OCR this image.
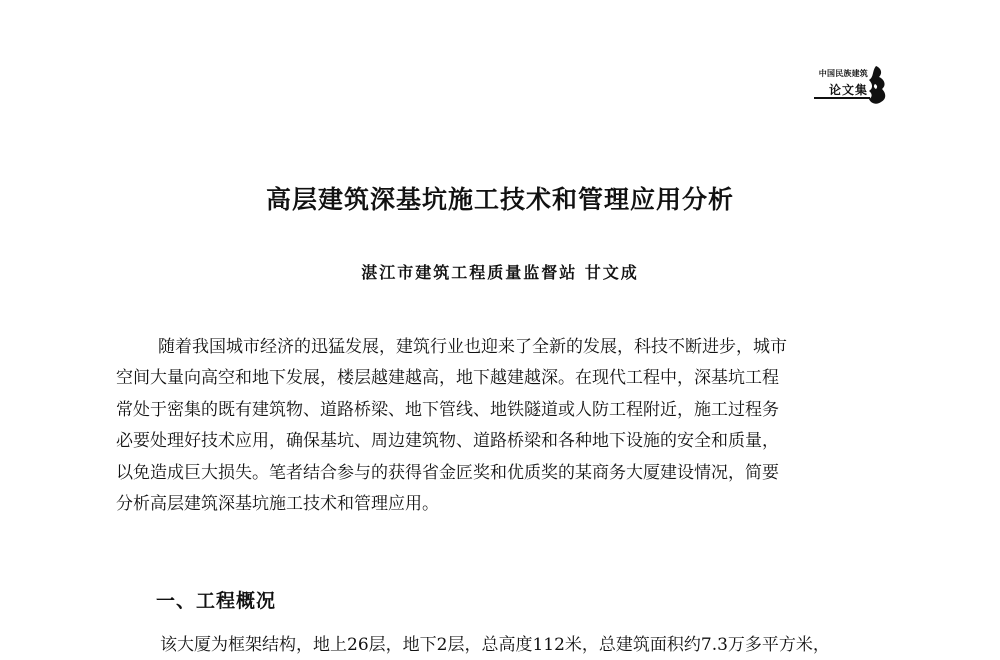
中国民族建筑
论文集
高层建筑深基坑施工技术和管理应用分析
湛江市建筑工程质量监督站 甘文成
随着我国城市经济的迅猛发展，建筑行业也迎来了全新的发展，科技不断进步，城市
空间大量向高空和地下发展，楼层越建越高，地下越建越深。在现代工程中，深基坑工程
常处于密集的既有建筑物、道路桥梁、地下管线、地铁隧道或人防工程附近，施工过程务
必要处理好技术应用，确保基坑、周边建筑物、道路桥梁和各种地下设施的安全和质量，
以免造成巨大损失。笔者结合参与的获得省金匠奖和优质奖的某商务大厦建设情况，简要
分析高层建筑深基坑施工技术和管理应用。
一、工程概况
该大厦为框架结构，地上26层，地下2层，总高度112米，总建筑面积约7.3万多平方米，
